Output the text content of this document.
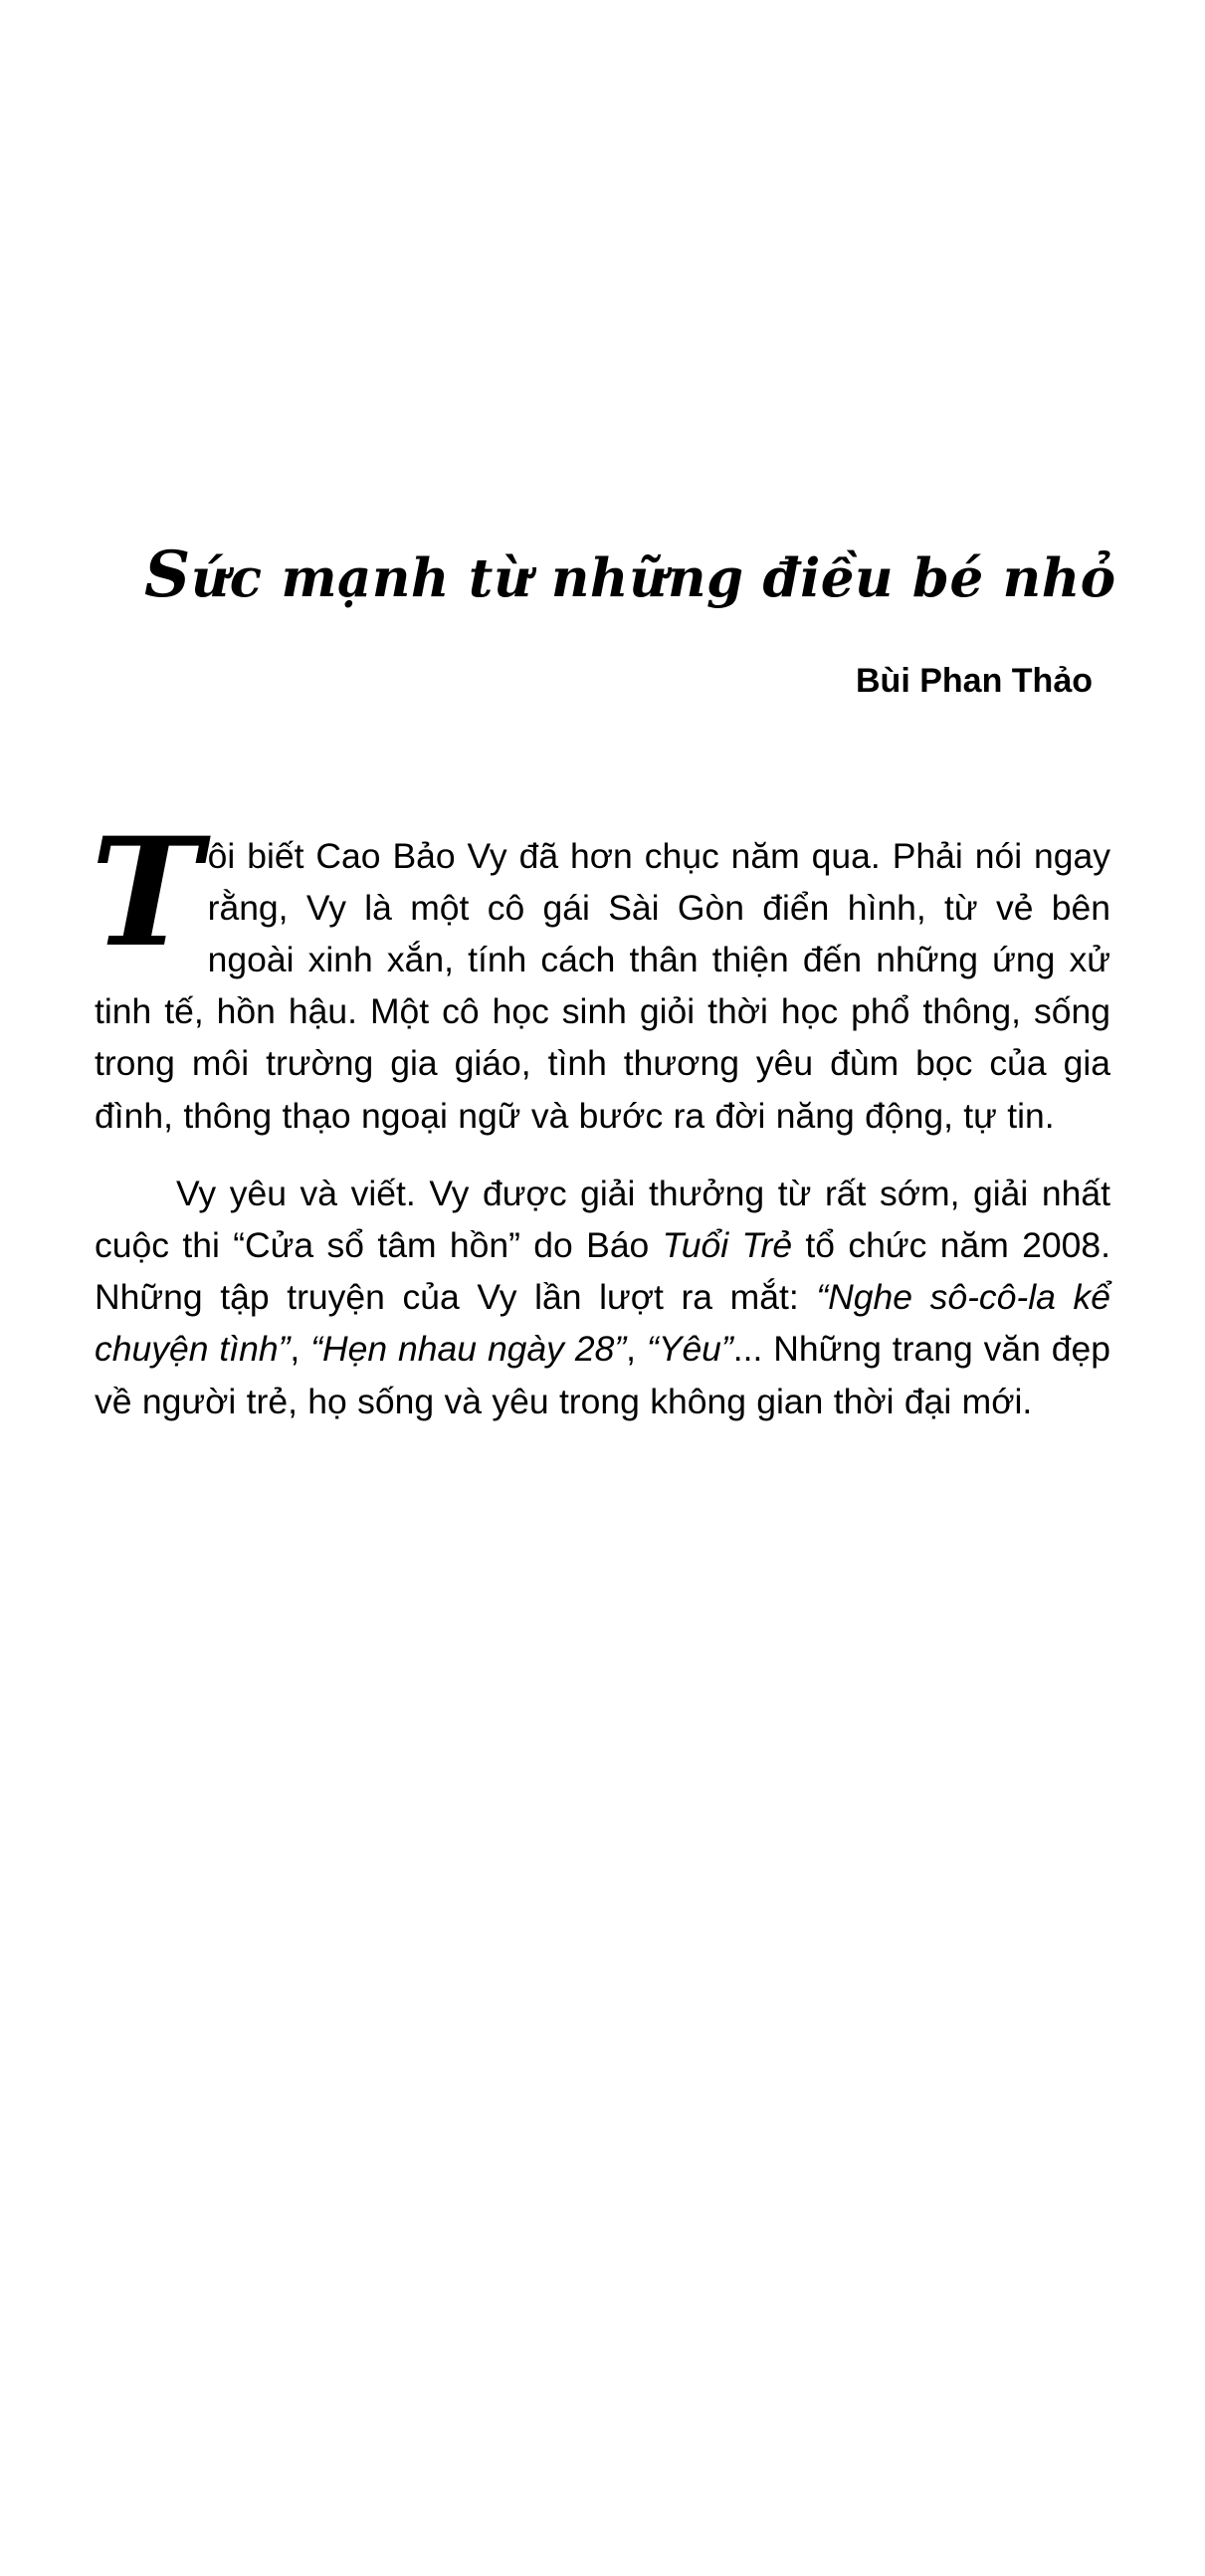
Sức mạnh từ những điều bé nhỏ
Bùi Phan Thảo

Tôi biết Cao Bảo Vy đã hơn chục năm qua. Phải nói ngay rằng, Vy là một cô gái Sài Gòn điển hình, từ vẻ bên ngoài xinh xắn, tính cách thân thiện đến những ứng xử tinh tế, hồn hậu. Một cô học sinh giỏi thời học phổ thông, sống trong môi trường gia giáo, tình thương yêu đùm bọc của gia đình, thông thạo ngoại ngữ và bước ra đời năng động, tự tin.

Vy yêu và viết. Vy được giải thưởng từ rất sớm, giải nhất cuộc thi “Cửa sổ tâm hồn” do Báo Tuổi Trẻ tổ chức năm 2008. Những tập truyện của Vy lần lượt ra mắt: “Nghe sô-cô-la kể chuyện tình”, “Hẹn nhau ngày 28”, “Yêu”... Những trang văn đẹp về người trẻ, họ sống và yêu trong không gian thời đại mới.
